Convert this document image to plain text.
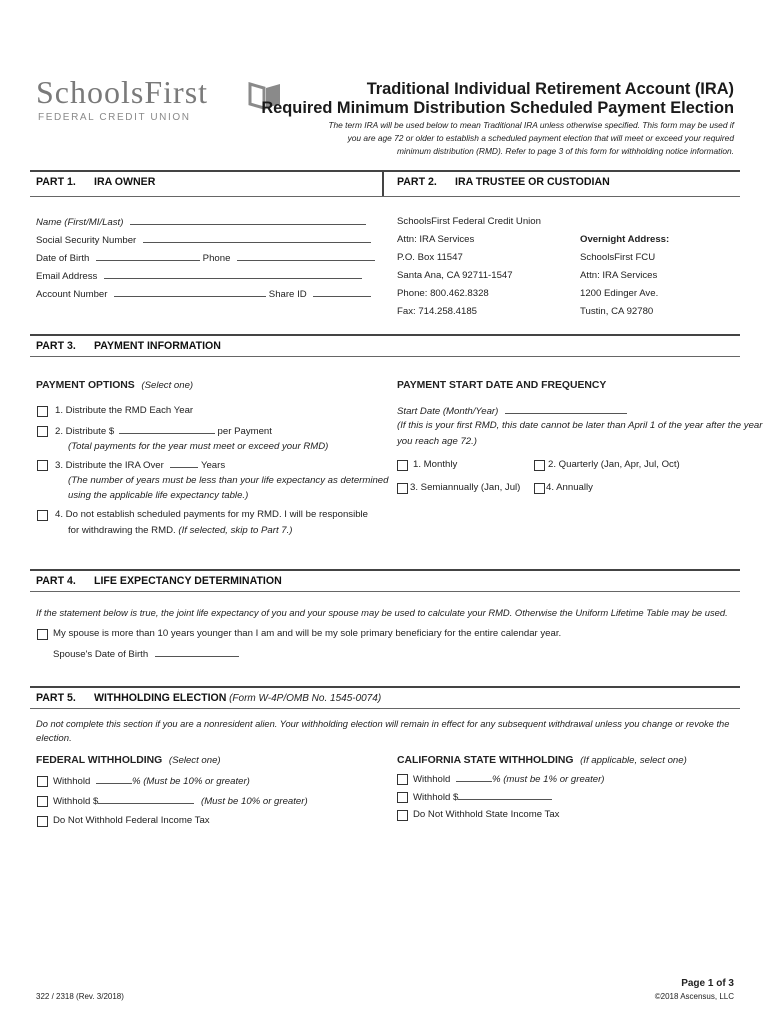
SchoolsFirst
FEDERAL CREDIT UNION
Traditional Individual Retirement Account (IRA)
Required Minimum Distribution Scheduled Payment Election
The term IRA will be used below to mean Traditional IRA unless otherwise specified. This form may be used if you are age 72 or older to establish a scheduled payment election that will meet or exceed your required minimum distribution (RMD). Refer to page 3 of this form for withholding notice information.
PART 1. IRA OWNER	PART 2. IRA TRUSTEE OR CUSTODIAN
Name (First/MI/Last)
Social Security Number
Date of Birth	Phone
Email Address
Account Number	Share ID
SchoolsFirst Federal Credit Union
Attn: IRA Services
P.O. Box 11547
Santa Ana, CA 92711-1547
Phone: 800.462.8328
Fax: 714.258.4185
Overnight Address:
SchoolsFirst FCU
Attn: IRA Services
1200 Edinger Ave.
Tustin, CA 92780
PART 3. PAYMENT INFORMATION
PAYMENT OPTIONS (Select one)
1. Distribute the RMD Each Year
2. Distribute $	per Payment
(Total payments for the year must meet or exceed your RMD)
3. Distribute the IRA Over	Years
(The number of years must be less than your life expectancy as determined
using the applicable life expectancy table.)
4. Do not establish scheduled payments for my RMD. I will be responsible
for withdrawing the RMD. (If selected, skip to Part 7.)
PAYMENT START DATE AND FREQUENCY
Start Date (Month/Year)
(If this is your first RMD, this date cannot be later than April 1 of the year after the year
you reach age 72.)
1. Monthly	2. Quarterly (Jan, Apr, Jul, Oct)
3. Semiannually (Jan, Jul)	4. Annually
PART 4. LIFE EXPECTANCY DETERMINATION
If the statement below is true, the joint life expectancy of you and your spouse may be used to calculate your RMD. Otherwise the Uniform Lifetime Table may be used.
My spouse is more than 10 years younger than I am and will be my sole primary beneficiary for the entire calendar year.
Spouse's Date of Birth
PART 5. WITHHOLDING ELECTION (Form W-4P/OMB No. 1545-0074)
Do not complete this section if you are a nonresident alien. Your withholding election will remain in effect for any subsequent withdrawal unless you change or revoke the
election.
FEDERAL WITHHOLDING (Select one)
Withhold	% (Must be 10% or greater)
Withhold $	(Must be 10% or greater)
Do Not Withhold Federal Income Tax
CALIFORNIA STATE WITHHOLDING (If applicable, select one)
Withhold	% (must be 1% or greater)
Withhold $
Do Not Withhold State Income Tax
322 / 2318 (Rev. 3/2018)
Page 1 of 3
©2018 Ascensus, LLC
